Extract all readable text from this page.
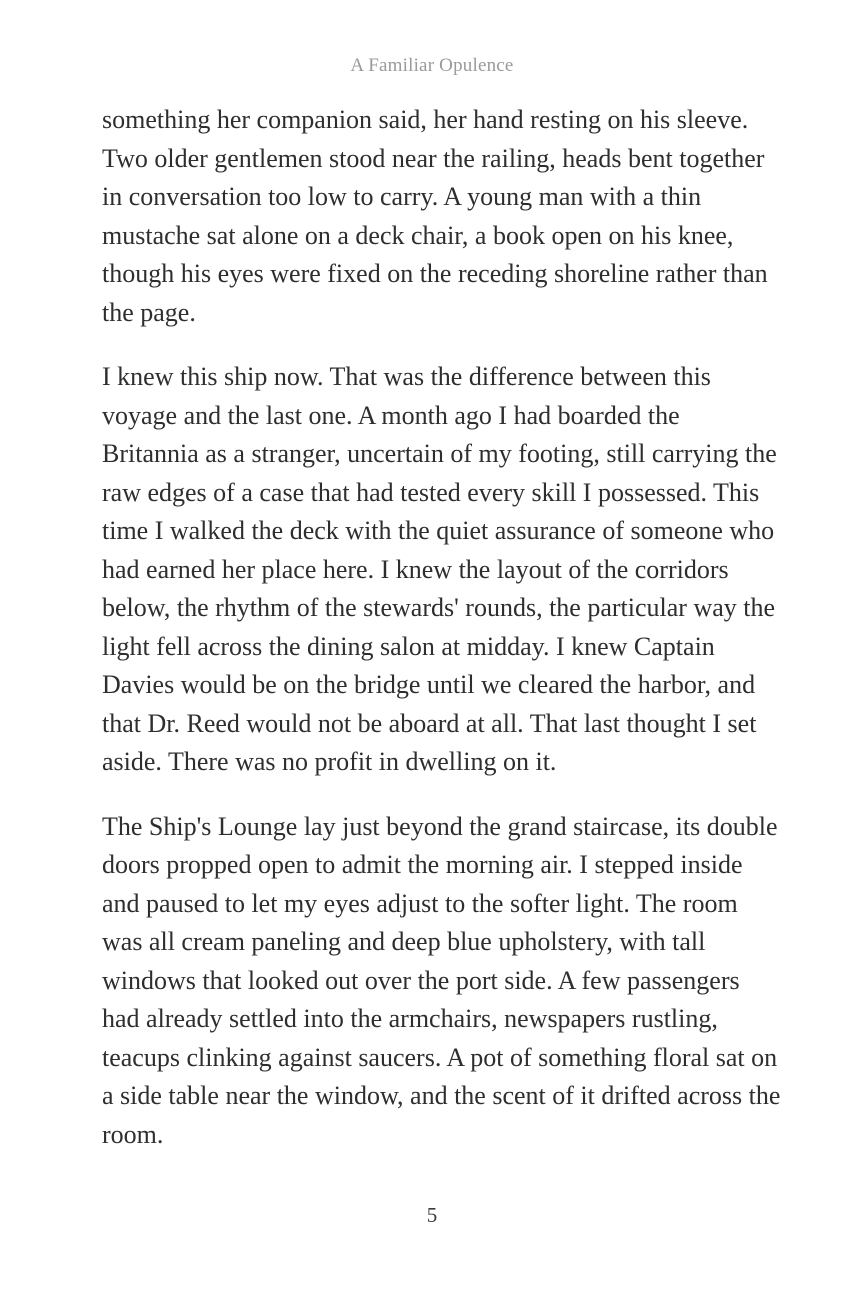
A Familiar Opulence

something her companion said, her hand resting on his sleeve. Two older gentlemen stood near the railing, heads bent together in conversation too low to carry. A young man with a thin mustache sat alone on a deck chair, a book open on his knee, though his eyes were fixed on the receding shoreline rather than the page.

I knew this ship now. That was the difference between this voyage and the last one. A month ago I had boarded the Britannia as a stranger, uncertain of my footing, still carrying the raw edges of a case that had tested every skill I possessed. This time I walked the deck with the quiet assurance of someone who had earned her place here. I knew the layout of the corridors below, the rhythm of the stewards' rounds, the particular way the light fell across the dining salon at midday. I knew Captain Davies would be on the bridge until we cleared the harbor, and that Dr. Reed would not be aboard at all. That last thought I set aside. There was no profit in dwelling on it.

The Ship's Lounge lay just beyond the grand staircase, its double doors propped open to admit the morning air. I stepped inside and paused to let my eyes adjust to the softer light. The room was all cream paneling and deep blue upholstery, with tall windows that looked out over the port side. A few passengers had already settled into the armchairs, newspapers rustling, teacups clinking against saucers. A pot of something floral sat on a side table near the window, and the scent of it drifted across the room.

5
